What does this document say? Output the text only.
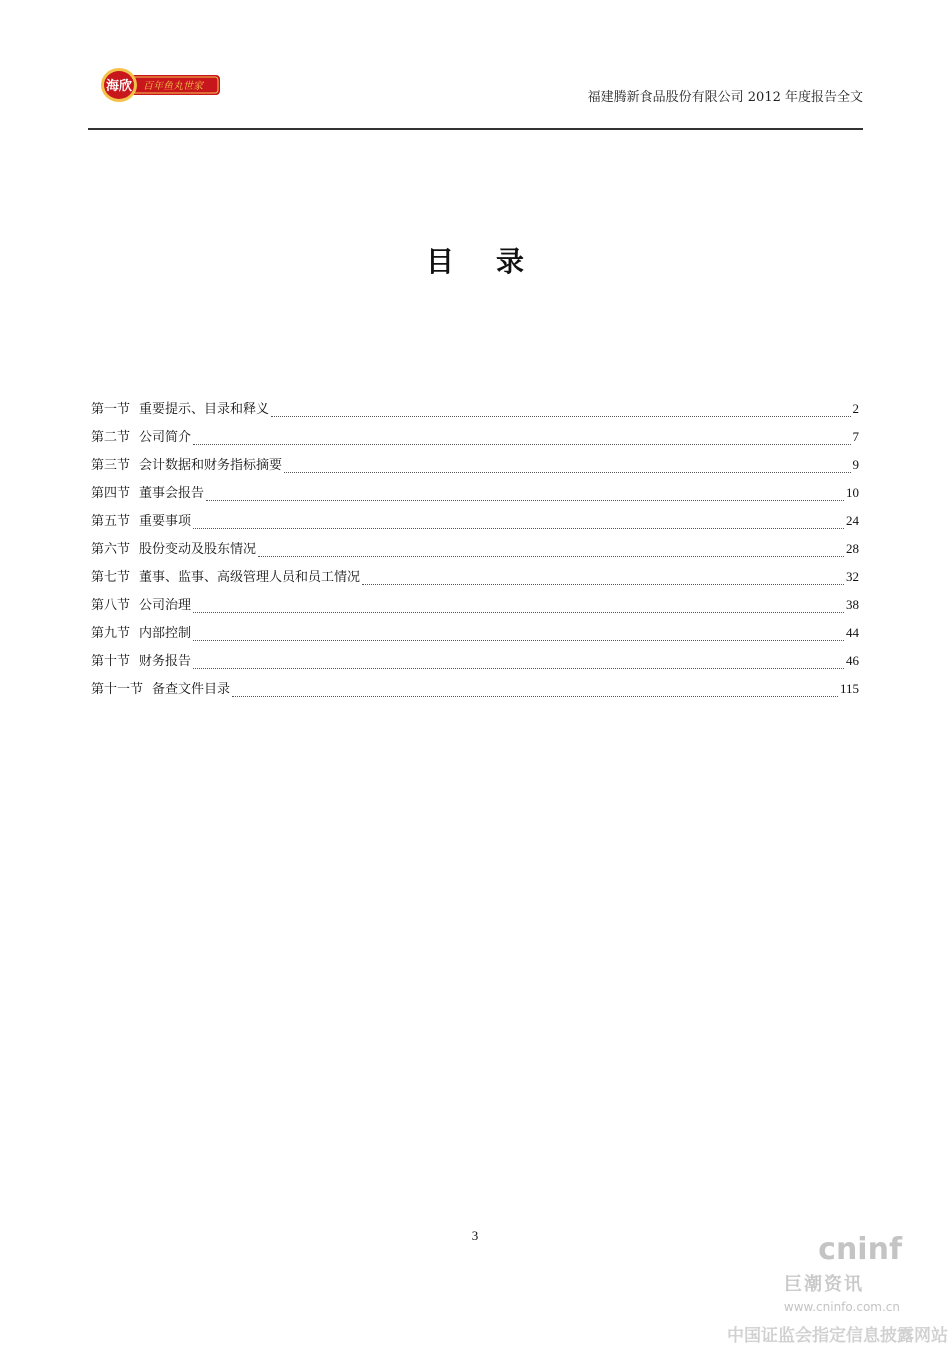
海欣 百年鱼丸世家
福建腾新食品股份有限公司 2012 年度报告全文
目录
第一节 重要提示、目录和释义	2
第二节 公司简介	7
第三节 会计数据和财务指标摘要	9
第四节 董事会报告	10
第五节 重要事项	24
第六节 股份变动及股东情况	28
第七节 董事、监事、高级管理人员和员工情况	32
第八节 公司治理	38
第九节 内部控制	44
第十节 财务报告	46
第十一节 备查文件目录	115
3	cninf
巨潮资讯
www.cninfo.com.cn
中国证监会指定信息披露网站
